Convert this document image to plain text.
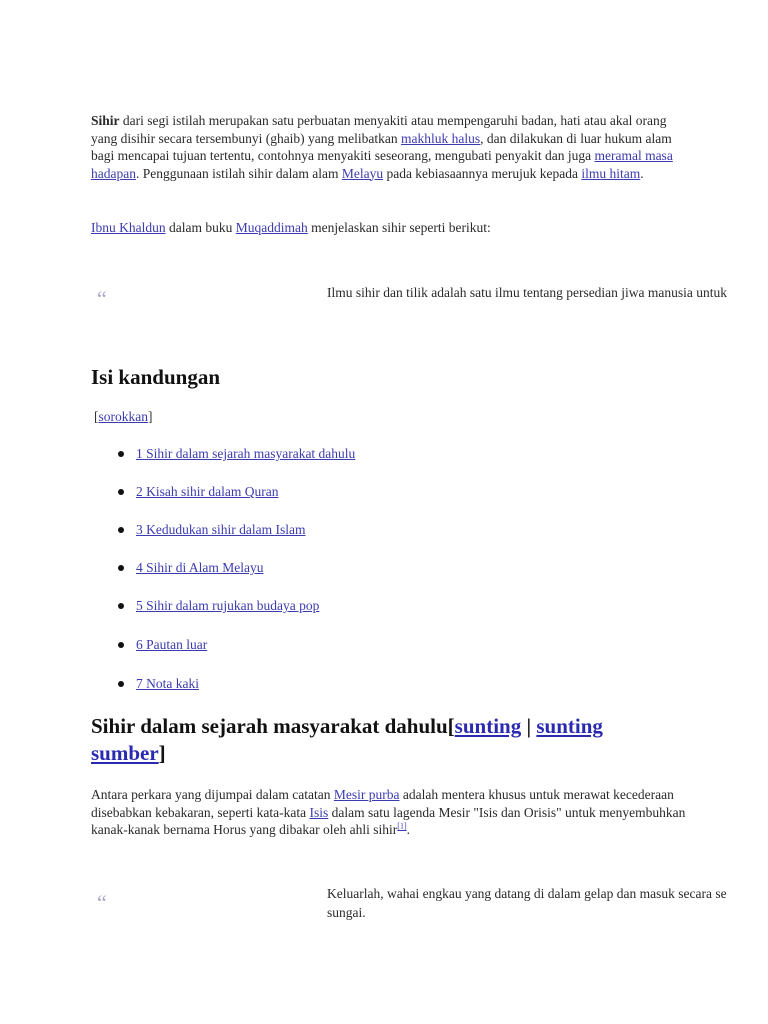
Sihir dari segi istilah merupakan satu perbuatan menyakiti atau mempengaruhi badan, hati atau akal orang yang disihir secara tersembunyi (ghaib) yang melibatkan makhluk halus, dan dilakukan di luar hukum alam bagi mencapai tujuan tertentu, contohnya menyakiti seseorang, mengubati penyakit dan juga meramal masa hadapan. Penggunaan istilah sihir dalam alam Melayu pada kebiasaannya merujuk kepada ilmu hitam.

Ibnu Khaldun dalam buku Muqaddimah menjelaskan sihir seperti berikut:

“	Ilmu sihir dan tilik adalah satu ilmu tentang persedian jiwa manusia untuk
Isi kandungan
[sorokkan]
1 Sihir dalam sejarah masyarakat dahulu
2 Kisah sihir dalam Quran
3 Kedudukan sihir dalam Islam
4 Sihir di Alam Melayu
5 Sihir dalam rujukan budaya pop
6 Pautan luar
7 Nota kaki
Sihir dalam sejarah masyarakat dahulu[sunting | sunting sumber]

Antara perkara yang dijumpai dalam catatan Mesir purba adalah mentera khusus untuk merawat kecederaan disebabkan kebakaran, seperti kata-kata Isis dalam satu lagenda Mesir "Isis dan Orisis" untuk menyembuhkan kanak-kanak bernama Horus yang dibakar oleh ahli sihir[1].

“	Keluarlah, wahai engkau yang datang di dalam gelap dan masuk secara se
sungai.
